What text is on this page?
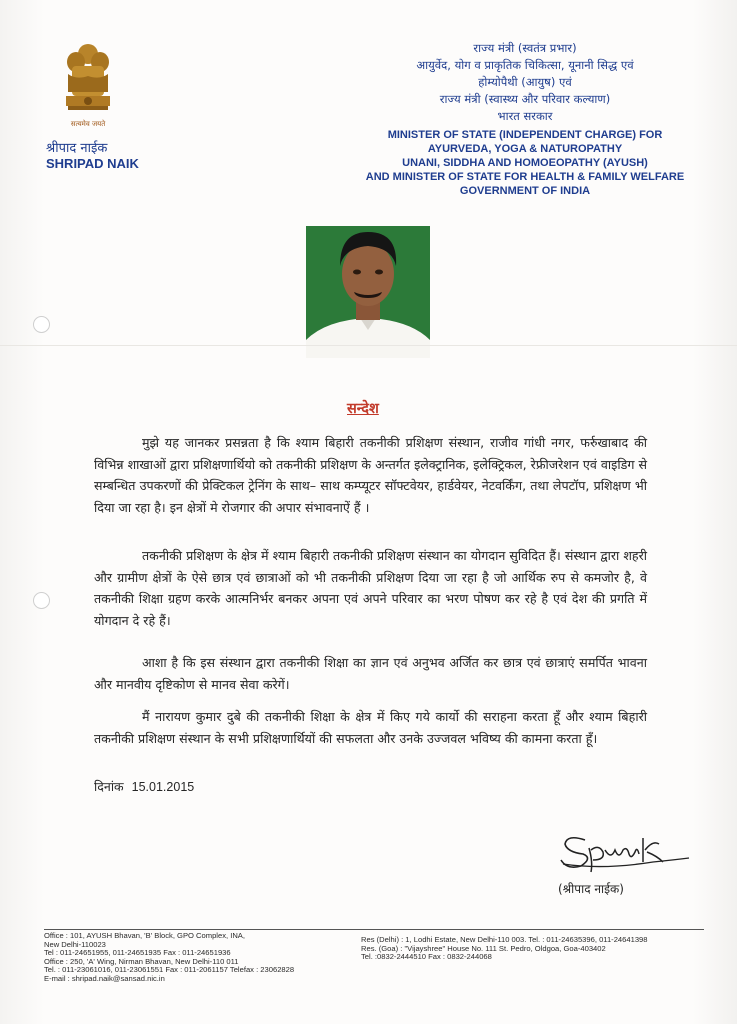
सत्यमेव जयते
श्रीपाद नाईक
SHRIPAD NAIK
राज्य मंत्री (स्वतंत्र प्रभार)
आयुर्वेद, योग व प्राकृतिक चिकित्सा, यूनानी सिद्ध एवं
होम्योपैथी (आयुष) एवं
राज्य मंत्री (स्वास्थ्य और परिवार कल्याण)
भारत सरकार
MINISTER OF STATE (INDEPENDENT CHARGE) FOR
AYURVEDA, YOGA & NATUROPATHY
UNANI, SIDDHA AND HOMOEOPATHY (AYUSH)
AND MINISTER OF STATE FOR HEALTH & FAMILY WELFARE
GOVERNMENT OF INDIA
सन्देश
मुझे यह जानकर प्रसन्नता है कि श्याम बिहारी तकनीकी प्रशिक्षण संस्थान, राजीव गांधी नगर, फर्रुखाबाद की विभिन्न शाखाओं द्वारा प्रशिक्षणार्थियो को तकनीकी प्रशिक्षण के अन्तर्गत इलेक्ट्रानिक, इलेक्ट्रिकल, रेफ्रीजरेशन एवं वाइडिग से सम्बन्धित उपकरणों की प्रेक्टिकल ट्रेनिंग के साथ– साथ कम्प्यूटर सॉफ्टवेयर, हार्डवेयर, नेटवर्किंग, तथा लेपटॉप, प्रशिक्षण भी दिया जा रहा है। इन क्षेत्रों मे रोजगार की अपार संभावनाऐं हैं ।
तकनीकी प्रशिक्षण के क्षेत्र में श्याम बिहारी तकनीकी प्रशिक्षण संस्थान का योगदान सुविदित हैं। संस्थान द्वारा शहरी और ग्रामीण क्षेत्रों के ऐसे छात्र एवं छात्राओं को भी तकनीकी प्रशिक्षण दिया जा रहा है जो आर्थिक रुप से कमजोर है, वे तकनीकी शिक्षा ग्रहण करके आत्मनिर्भर बनकर अपना एवं अपने परिवार का भरण पोषण कर रहे है एवं देश की प्रगति में योगदान दे रहे हैं।
आशा है कि इस संस्थान द्वारा तकनीकी शिक्षा का ज्ञान एवं अनुभव अर्जित कर छात्र एवं छात्राएं समर्पित भावना और मानवीय दृष्टिकोण से मानव सेवा करेगें।
मैं नारायण कुमार दुबे की तकनीकी शिक्षा के क्षेत्र में किए गये कार्यो की सराहना करता हूँ और श्याम बिहारी तकनीकी प्रशिक्षण संस्थान के सभी प्रशिक्षणार्थियों की सफलता और उनके उज्जवल भविष्य की कामना करता हूँ।
दिनांक 15.01.2015
(श्रीपाद नाईक)
Office : 101, AYUSH Bhavan, 'B' Block, GPO Complex, INA,
New Delhi-110023
Tel : 011-24651955, 011-24651935 Fax : 011-24651936
Office : 250, 'A' Wing, Nirman Bhavan, New Delhi-110 011
Tel. : 011-23061016, 011-23061551 Fax : 011-2061157 Telefax : 23062828
E-mail : shripad.naik@sansad.nic.in
Res (Delhi) : 1, Lodhi Estate, New Delhi-110 003. Tel. : 011-24635396, 011-24641398
Res. (Goa) : "Vijayshree" House No. 111 St. Pedro, Oldgoa, Goa-403402
Tel. :0832-2444510 Fax : 0832-244068
